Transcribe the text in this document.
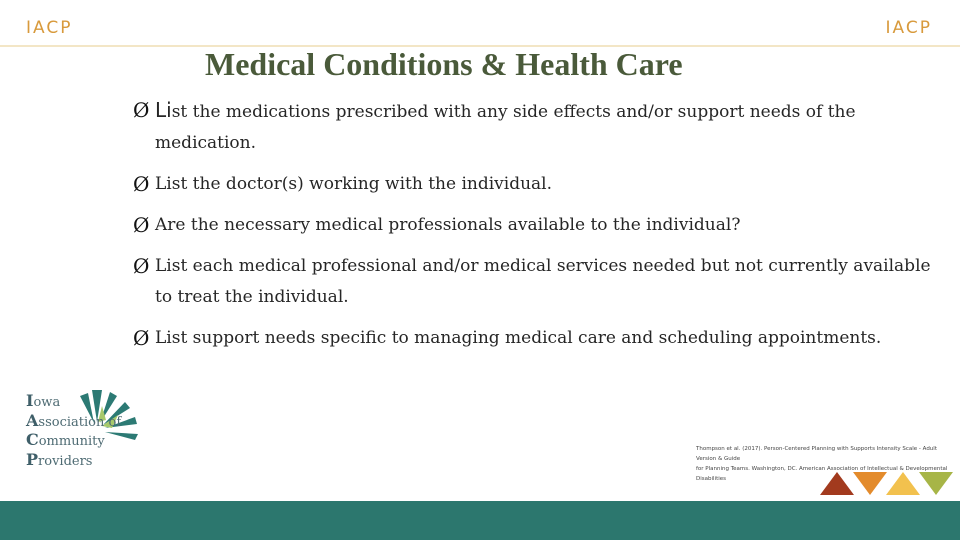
IACP	IACP
Medical Conditions & Health Care
Ø List the medications prescribed with any side effects and/or support needs of the medication.
Ø List the doctor(s) working with the individual.
Ø Are the necessary medical professionals available to the individual?
Ø List each medical professional and/or medical services needed but not currently available to treat the individual.
Ø List support needs specific to managing medical care and scheduling appointments.
Iowa
Association of
Community
Providers

Thompson et al. (2017). Person-Centered Planning with Supports Intensity Scale - Adult Version & Guide
for Planning Teams. Washington, DC. American Association of Intellectual & Developmental Disabilities
